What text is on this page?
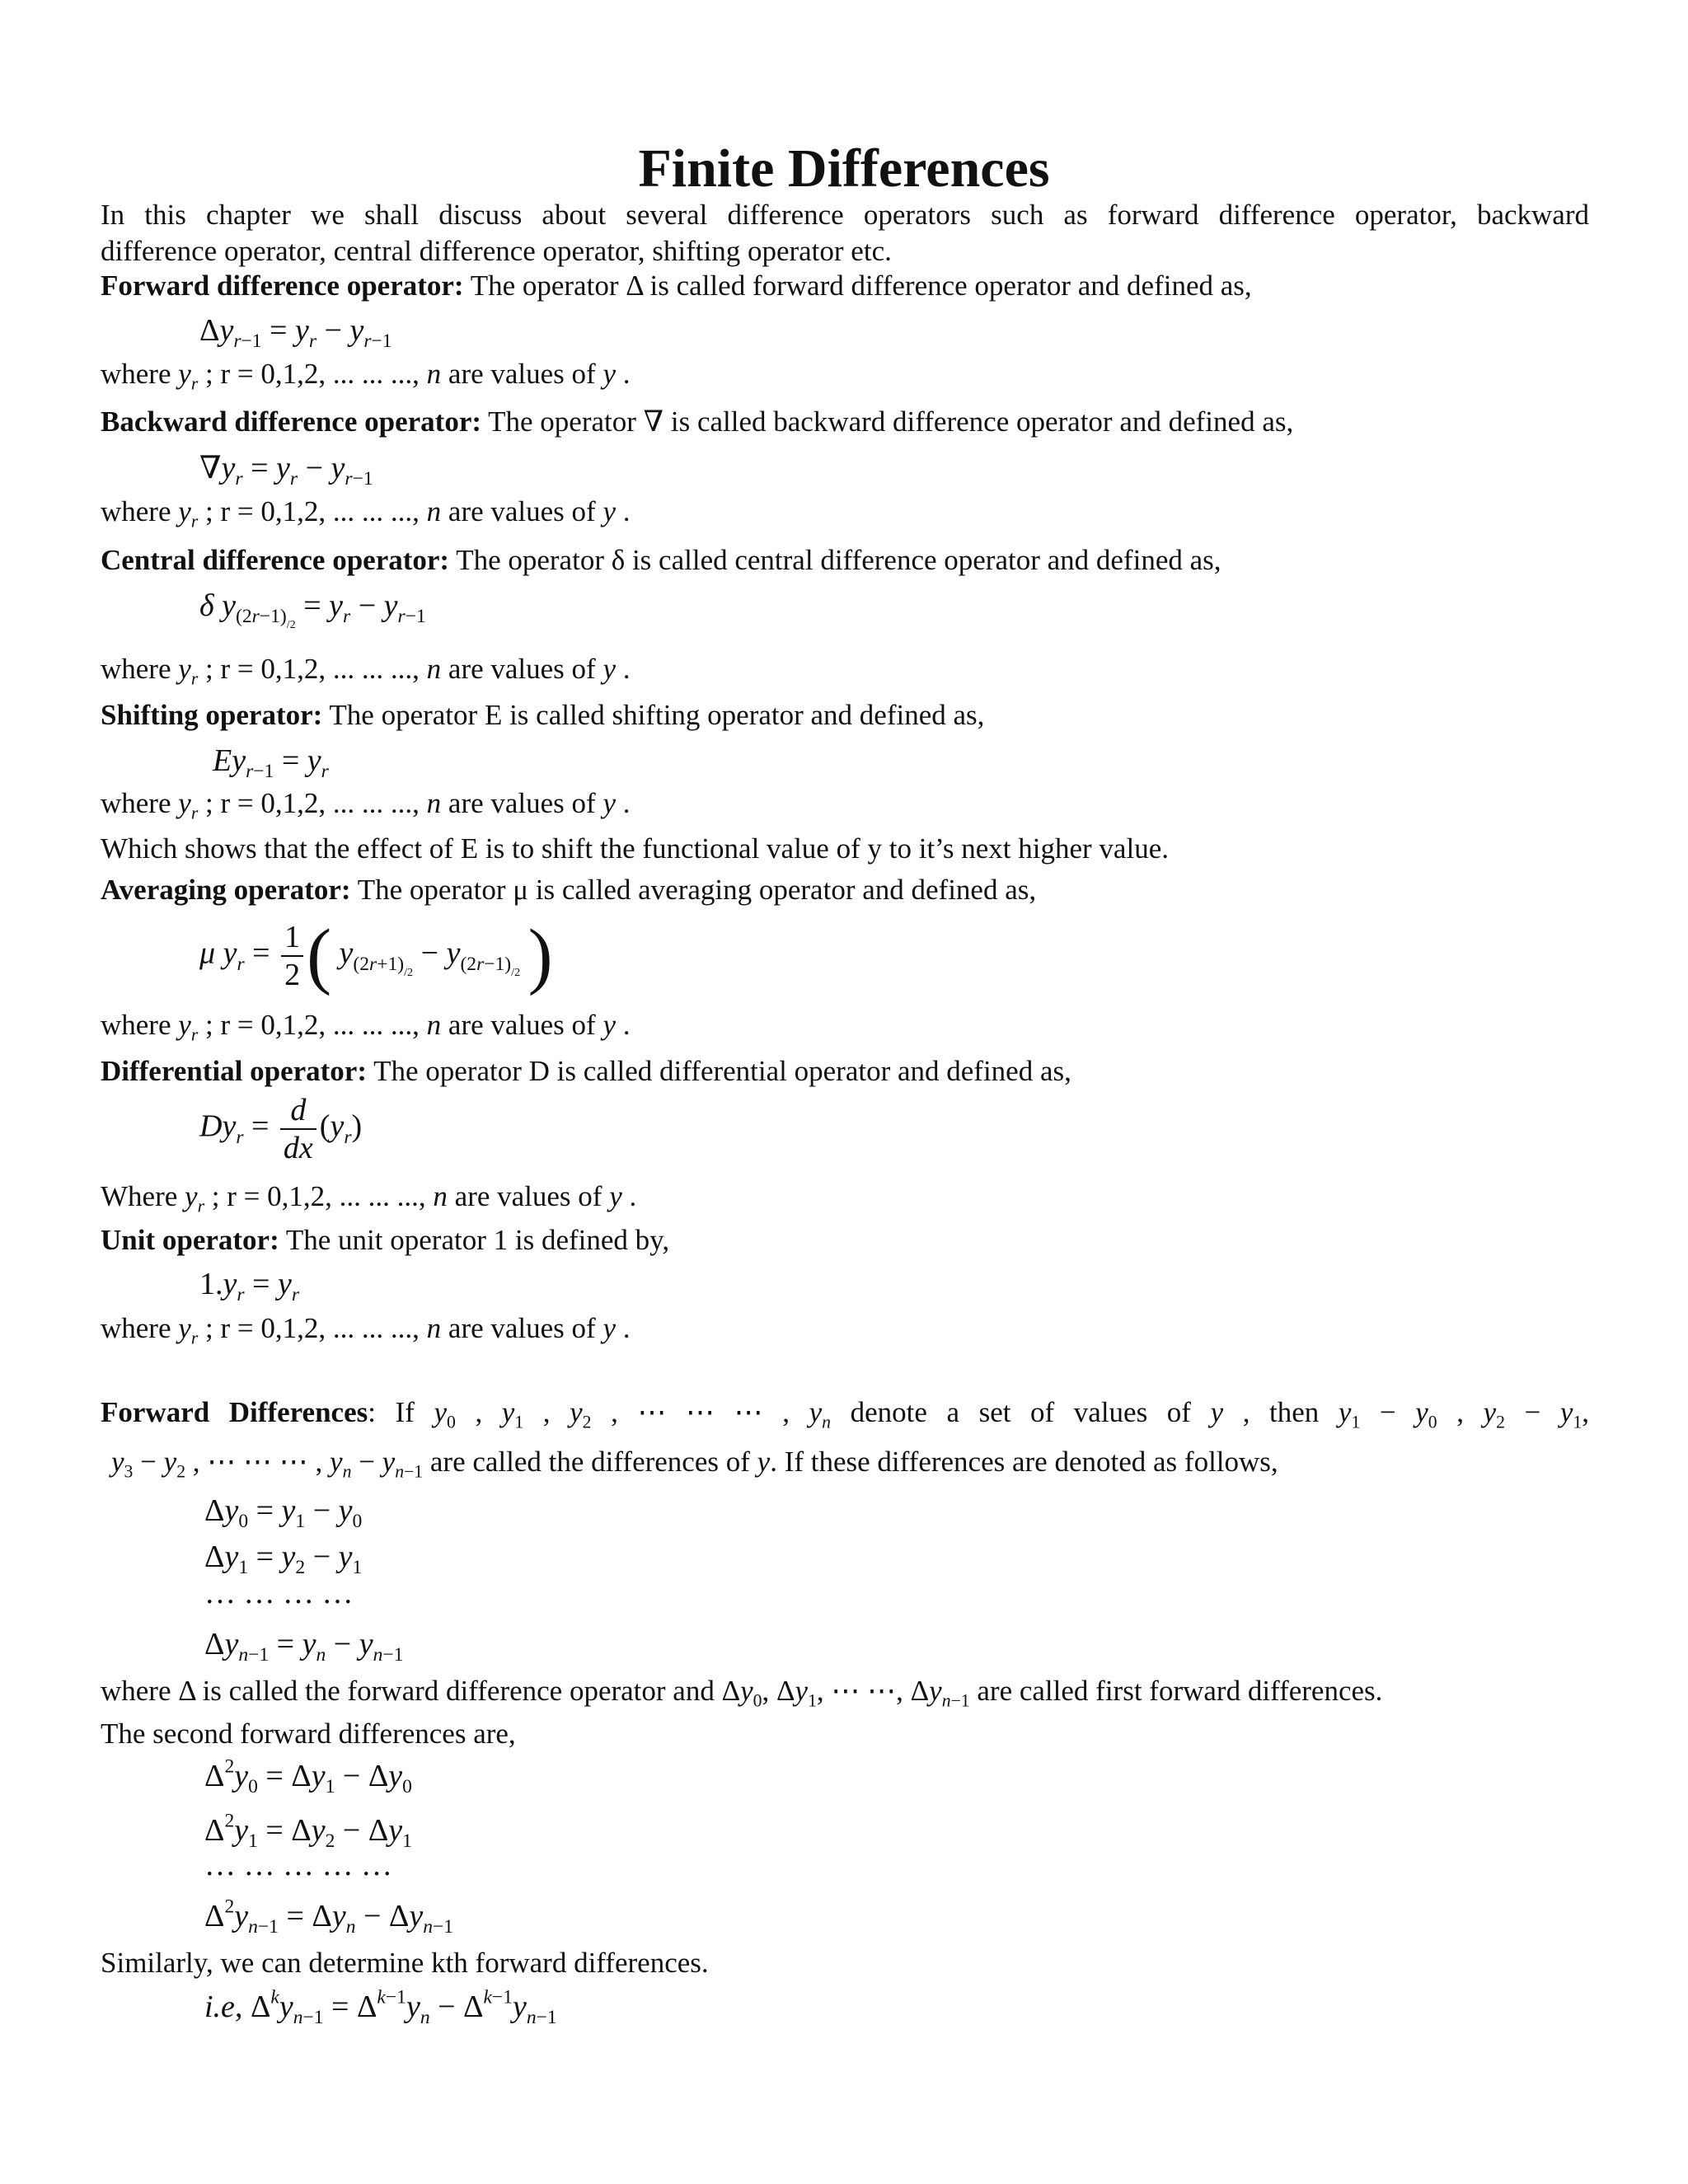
Finite Differences
In this chapter we shall discuss about several difference operators such as forward difference operator, backward
difference operator, central difference operator, shifting operator etc.
Forward difference operator: The operator Δ is called forward difference operator and defined as,
$\Delta y_{r-1} = y_r - y_{r-1}$
where $y_r$ ; r = 0,1,2, ... ... ..., n are values of y .
Backward difference operator: The operator ∇ is called backward difference operator and defined as,
$\nabla y_r = y_r - y_{r-1}$
where $y_r$ ; r = 0,1,2, ... ... ..., n are values of y .
Central difference operator: The operator δ is called central difference operator and defined as,
δ $y_{(2r-1)_{/2}} = y_r - y_{r-1}$
where $y_r$ ; r = 0,1,2, ... ... ..., n are values of y .
Shifting operator: The operator E is called shifting operator and defined as,
$Ey_{r-1} = y_r$
where $y_r$ ; r = 0,1,2, ... ... ..., n are values of y .
Which shows that the effect of E is to shift the functional value of y to it’s next higher value.
Averaging operator: The operator μ is called averaging operator and defined as,
μ $y_r = \frac{1}{2}$ ( $y_{(2r+1)_{/2}} - y_{(2r-1)_{/2}}$ )
where $y_r$ ; r = 0,1,2, ... ... ..., n are values of y .
Differential operator: The operator D is called differential operator and defined as,
$Dy_r = \frac{d}{dx} (y_r)$
Where $y_r$ ; r = 0,1,2, ... ... ..., n are values of y .
Unit operator: The unit operator 1 is defined by,
$1.y_r = y_r$
where $y_r$ ; r = 0,1,2, ... ... ..., n are values of y .
Forward Differences: If $y_0$ , $y_1$ , $y_2$ , ⋯ ⋯ ⋯ , $y_n$ denote a set of values of y , then $y_1 - y_0$ , $y_2 - y_1$,
$y_3 - y_2$ , ⋯ ⋯ ⋯ , $y_n - y_{n-1}$ are called the differences of y. If these differences are denoted as follows,
$\Delta y_0 = y_1 - y_0$
$\Delta y_1 = y_2 - y_1$
… … … …
$\Delta y_{n-1} = y_n - y_{n-1}$
where Δ is called the forward difference operator and $\Delta y_0$, $\Delta y_1$, ⋯ ⋯, $\Delta y_{n-1}$ are called first forward differences.
The second forward differences are,
$\Delta^2y_0 = \Delta y_1 - \Delta y_0$
$\Delta^2y_1 = \Delta y_2 - \Delta y_1$
… … … … …
$\Delta^2y_{n-1} = \Delta y_n - \Delta y_{n-1}$
Similarly, we can determine kth forward differences.
i.e, $\Delta^ky_{n-1} = \Delta^{k-1}y_n - \Delta^{k-1}y_{n-1}$
